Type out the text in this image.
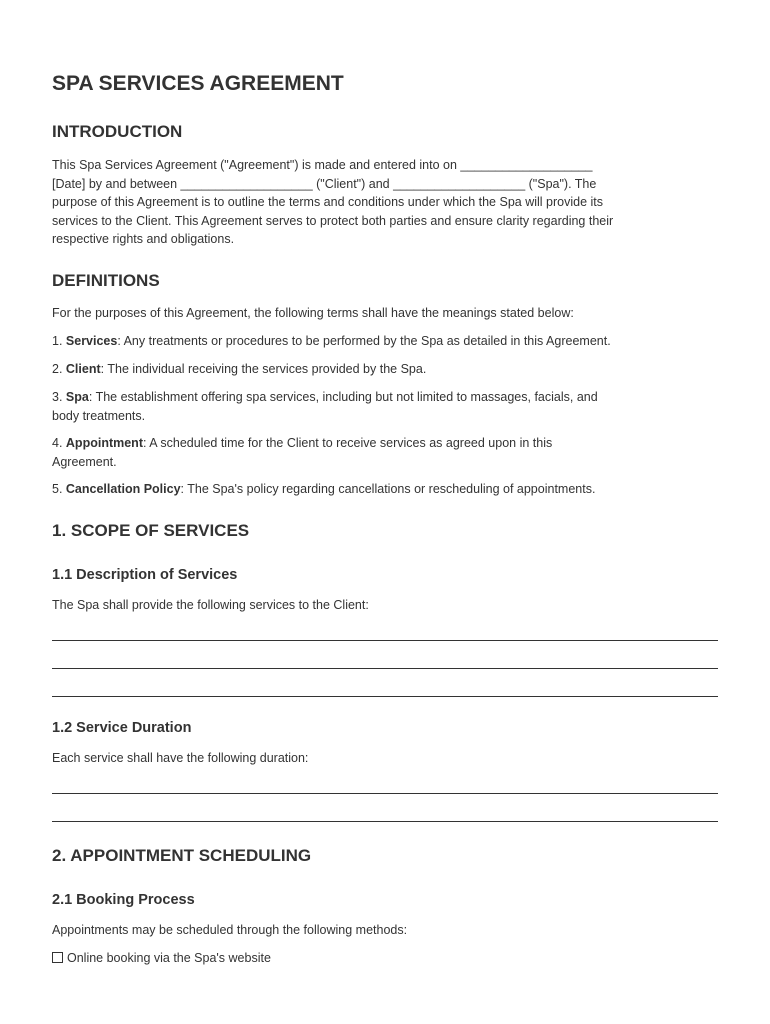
SPA SERVICES AGREEMENT
INTRODUCTION
This Spa Services Agreement ("Agreement") is made and entered into on ___________________
[Date] by and between ___________________ ("Client") and ___________________ ("Spa"). The
purpose of this Agreement is to outline the terms and conditions under which the Spa will provide its
services to the Client. This Agreement serves to protect both parties and ensure clarity regarding their
respective rights and obligations.
DEFINITIONS
For the purposes of this Agreement, the following terms shall have the meanings stated below:
1. Services: Any treatments or procedures to be performed by the Spa as detailed in this Agreement.
2. Client: The individual receiving the services provided by the Spa.
3. Spa: The establishment offering spa services, including but not limited to massages, facials, and
body treatments.
4. Appointment: A scheduled time for the Client to receive services as agreed upon in this
Agreement.
5. Cancellation Policy: The Spa's policy regarding cancellations or rescheduling of appointments.
1. SCOPE OF SERVICES
1.1 Description of Services
The Spa shall provide the following services to the Client:
1.2 Service Duration
Each service shall have the following duration:
2. APPOINTMENT SCHEDULING
2.1 Booking Process
Appointments may be scheduled through the following methods:
Online booking via the Spa's website
